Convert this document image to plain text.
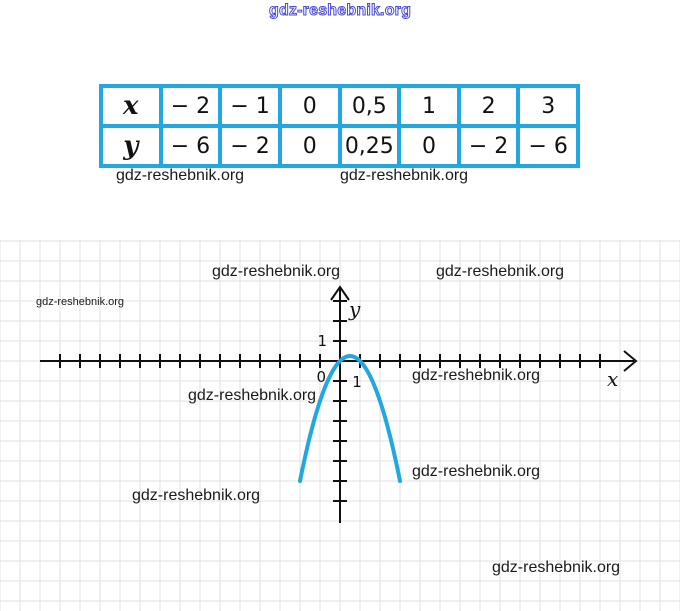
gdz-reshebnik.org
x	− 2	− 1	0	0,5	1	2	3
y	− 6	− 2	0	0,25	0	− 2	− 6
gdz-reshebnik.org	gdz-reshebnik.org
0 1
1
x
y
gdz-reshebnik.org	gdz-reshebnik.org
gdz-reshebnik.org
gdz-reshebnik.org
gdz-reshebnik.org
gdz-reshebnik.org
gdz-reshebnik.org
gdz-reshebnik.org
